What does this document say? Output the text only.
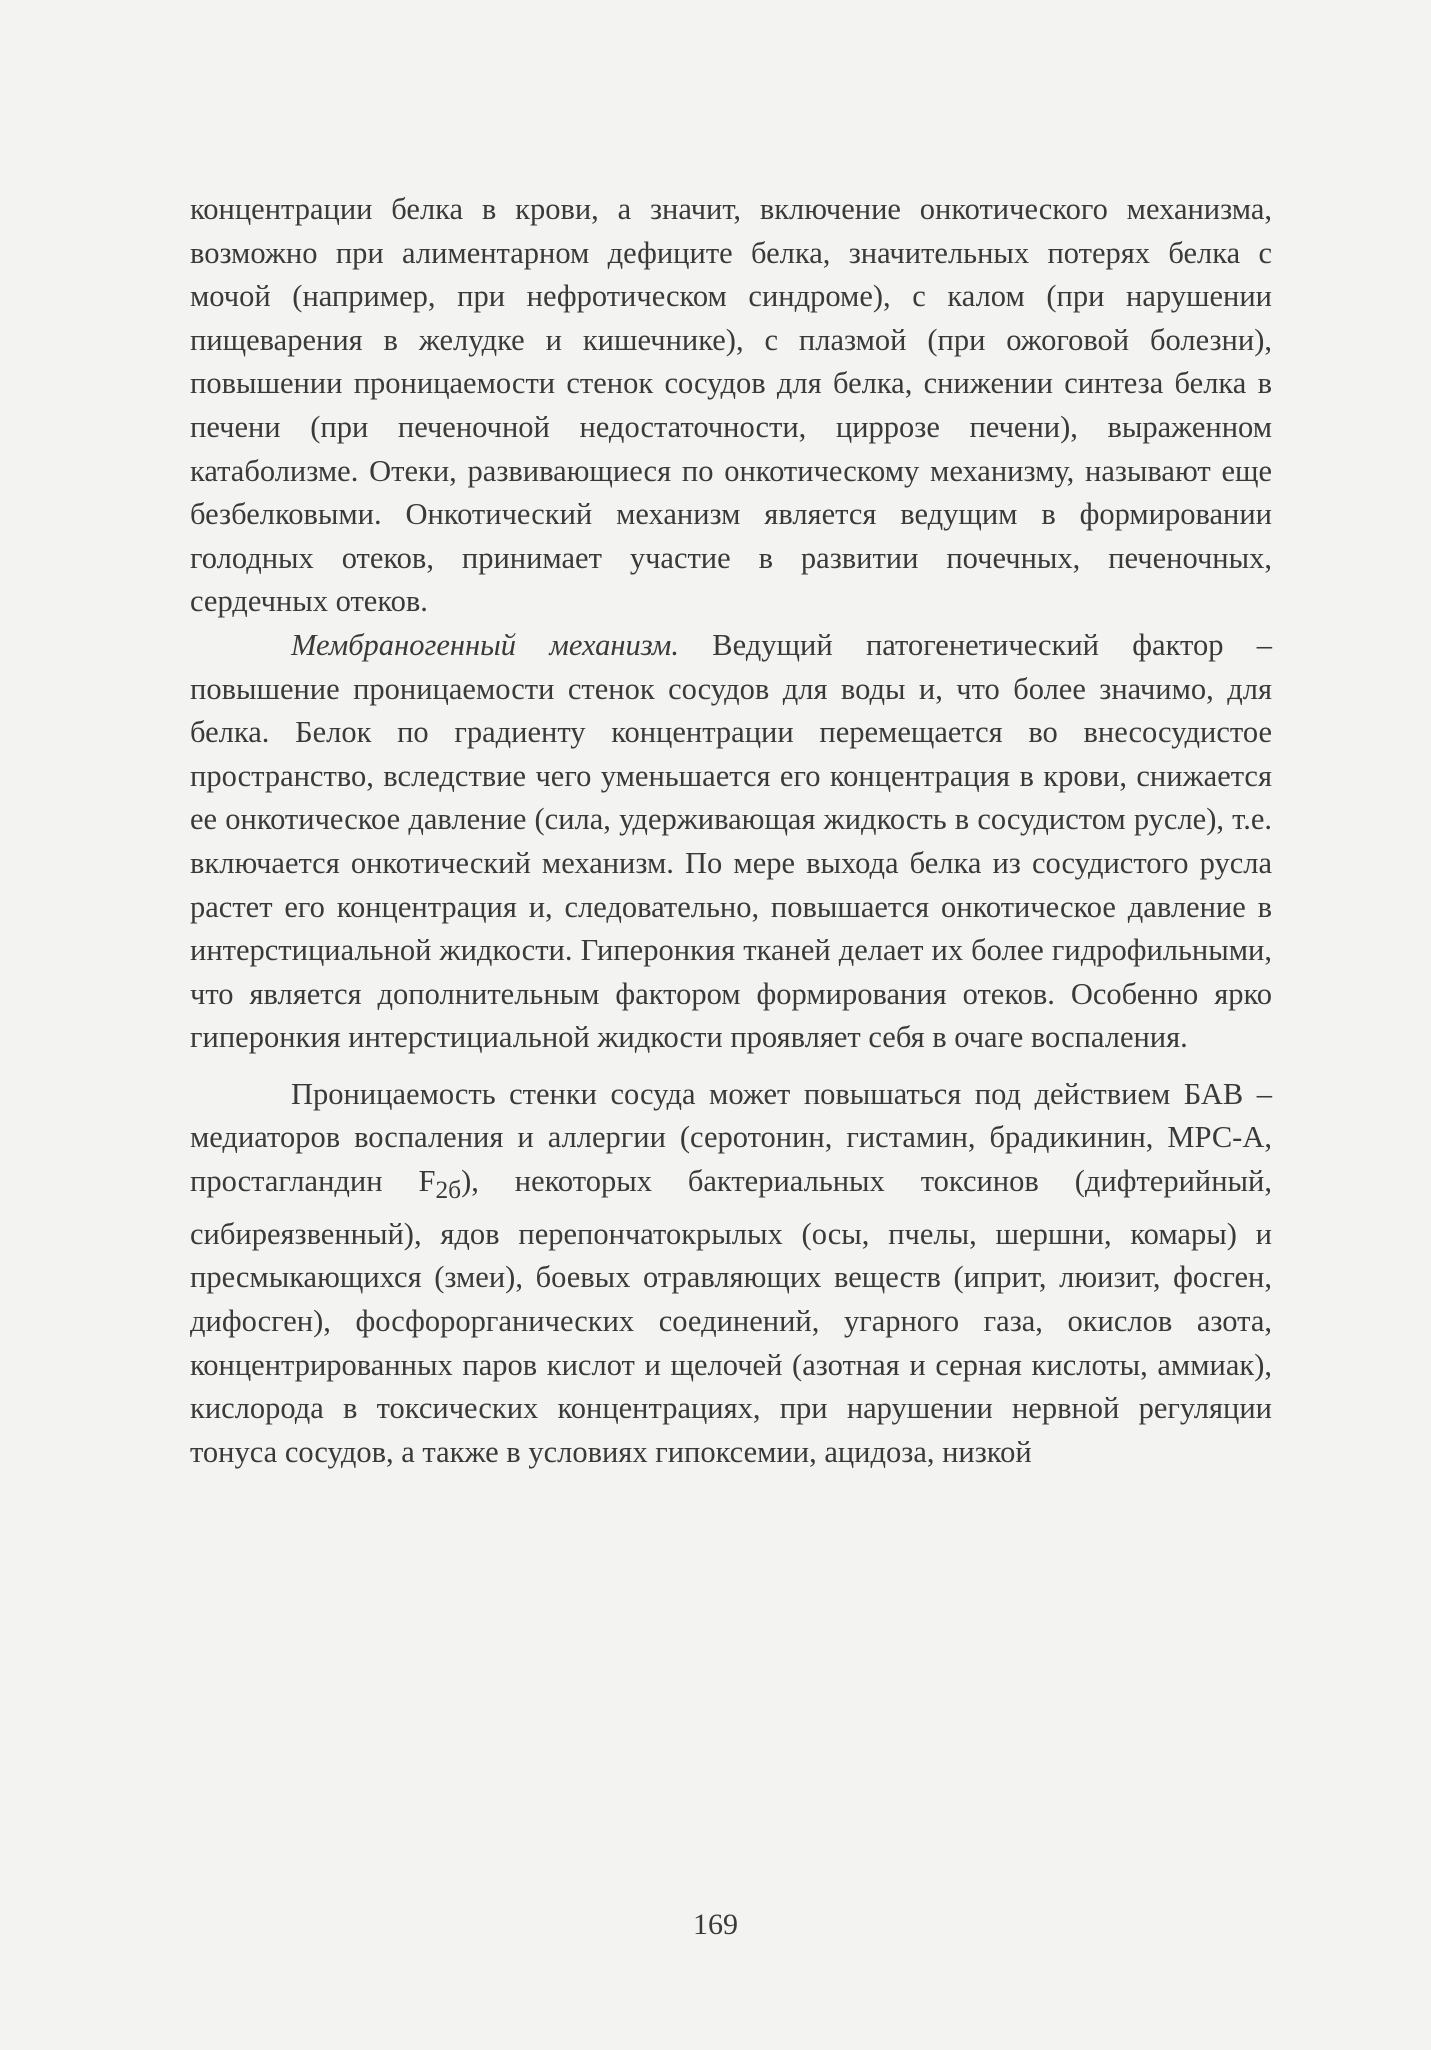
концентрации белка в крови, а значит, включение онкотического механизма, возможно при алиментарном дефиците белка, значительных потерях белка с мочой (например, при нефротическом синдроме), с калом (при нарушении пищеварения в желудке и кишечнике), с плазмой (при ожоговой болезни), повышении проницаемости стенок сосудов для белка, снижении синтеза белка в печени (при печеночной недостаточности, циррозе печени), выраженном катаболизме. Отеки, развивающиеся по онкотическому механизму, называют еще безбелковыми. Онкотический механизм является ведущим в формировании голодных отеков, принимает участие в развитии почечных, печеночных, сердечных отеков.

Мембраногенный механизм. Ведущий патогенетический фактор – повышение проницаемости стенок сосудов для воды и, что более значимо, для белка. Белок по градиенту концентрации перемещается во внесосудистое пространство, вследствие чего уменьшается его концентрация в крови, снижается ее онкотическое давление (сила, удерживающая жидкость в сосудистом русле), т.е. включается онкотический механизм. По мере выхода белка из сосудистого русла растет его концентрация и, следовательно, повышается онкотическое давление в интерстициальной жидкости. Гиперонкия тканей делает их более гидрофильными, что является дополнительным фактором формирования отеков. Особенно ярко гиперонкия интерстициальной жидкости проявляет себя в очаге воспаления.

Проницаемость стенки сосуда может повышаться под действием БАВ – медиаторов воспаления и аллергии (серотонин, гистамин, брадикинин, МРС-А, простагландин $F_{2б}$), некоторых бактериальных токсинов (дифтерийный, сибиреязвенный), ядов перепончатокрылых (осы, пчелы, шершни, комары) и пресмыкающихся (змеи), боевых отравляющих веществ (иприт, люизит, фосген, дифосген), фосфорорганических соединений, угарного газа, окислов азота, концентрированных паров кислот и щелочей (азотная и серная кислоты, аммиак), кислорода в токсических концентрациях, при нарушении нервной регуляции тонуса сосудов, а также в условиях гипоксемии, ацидоза, низкой

169
